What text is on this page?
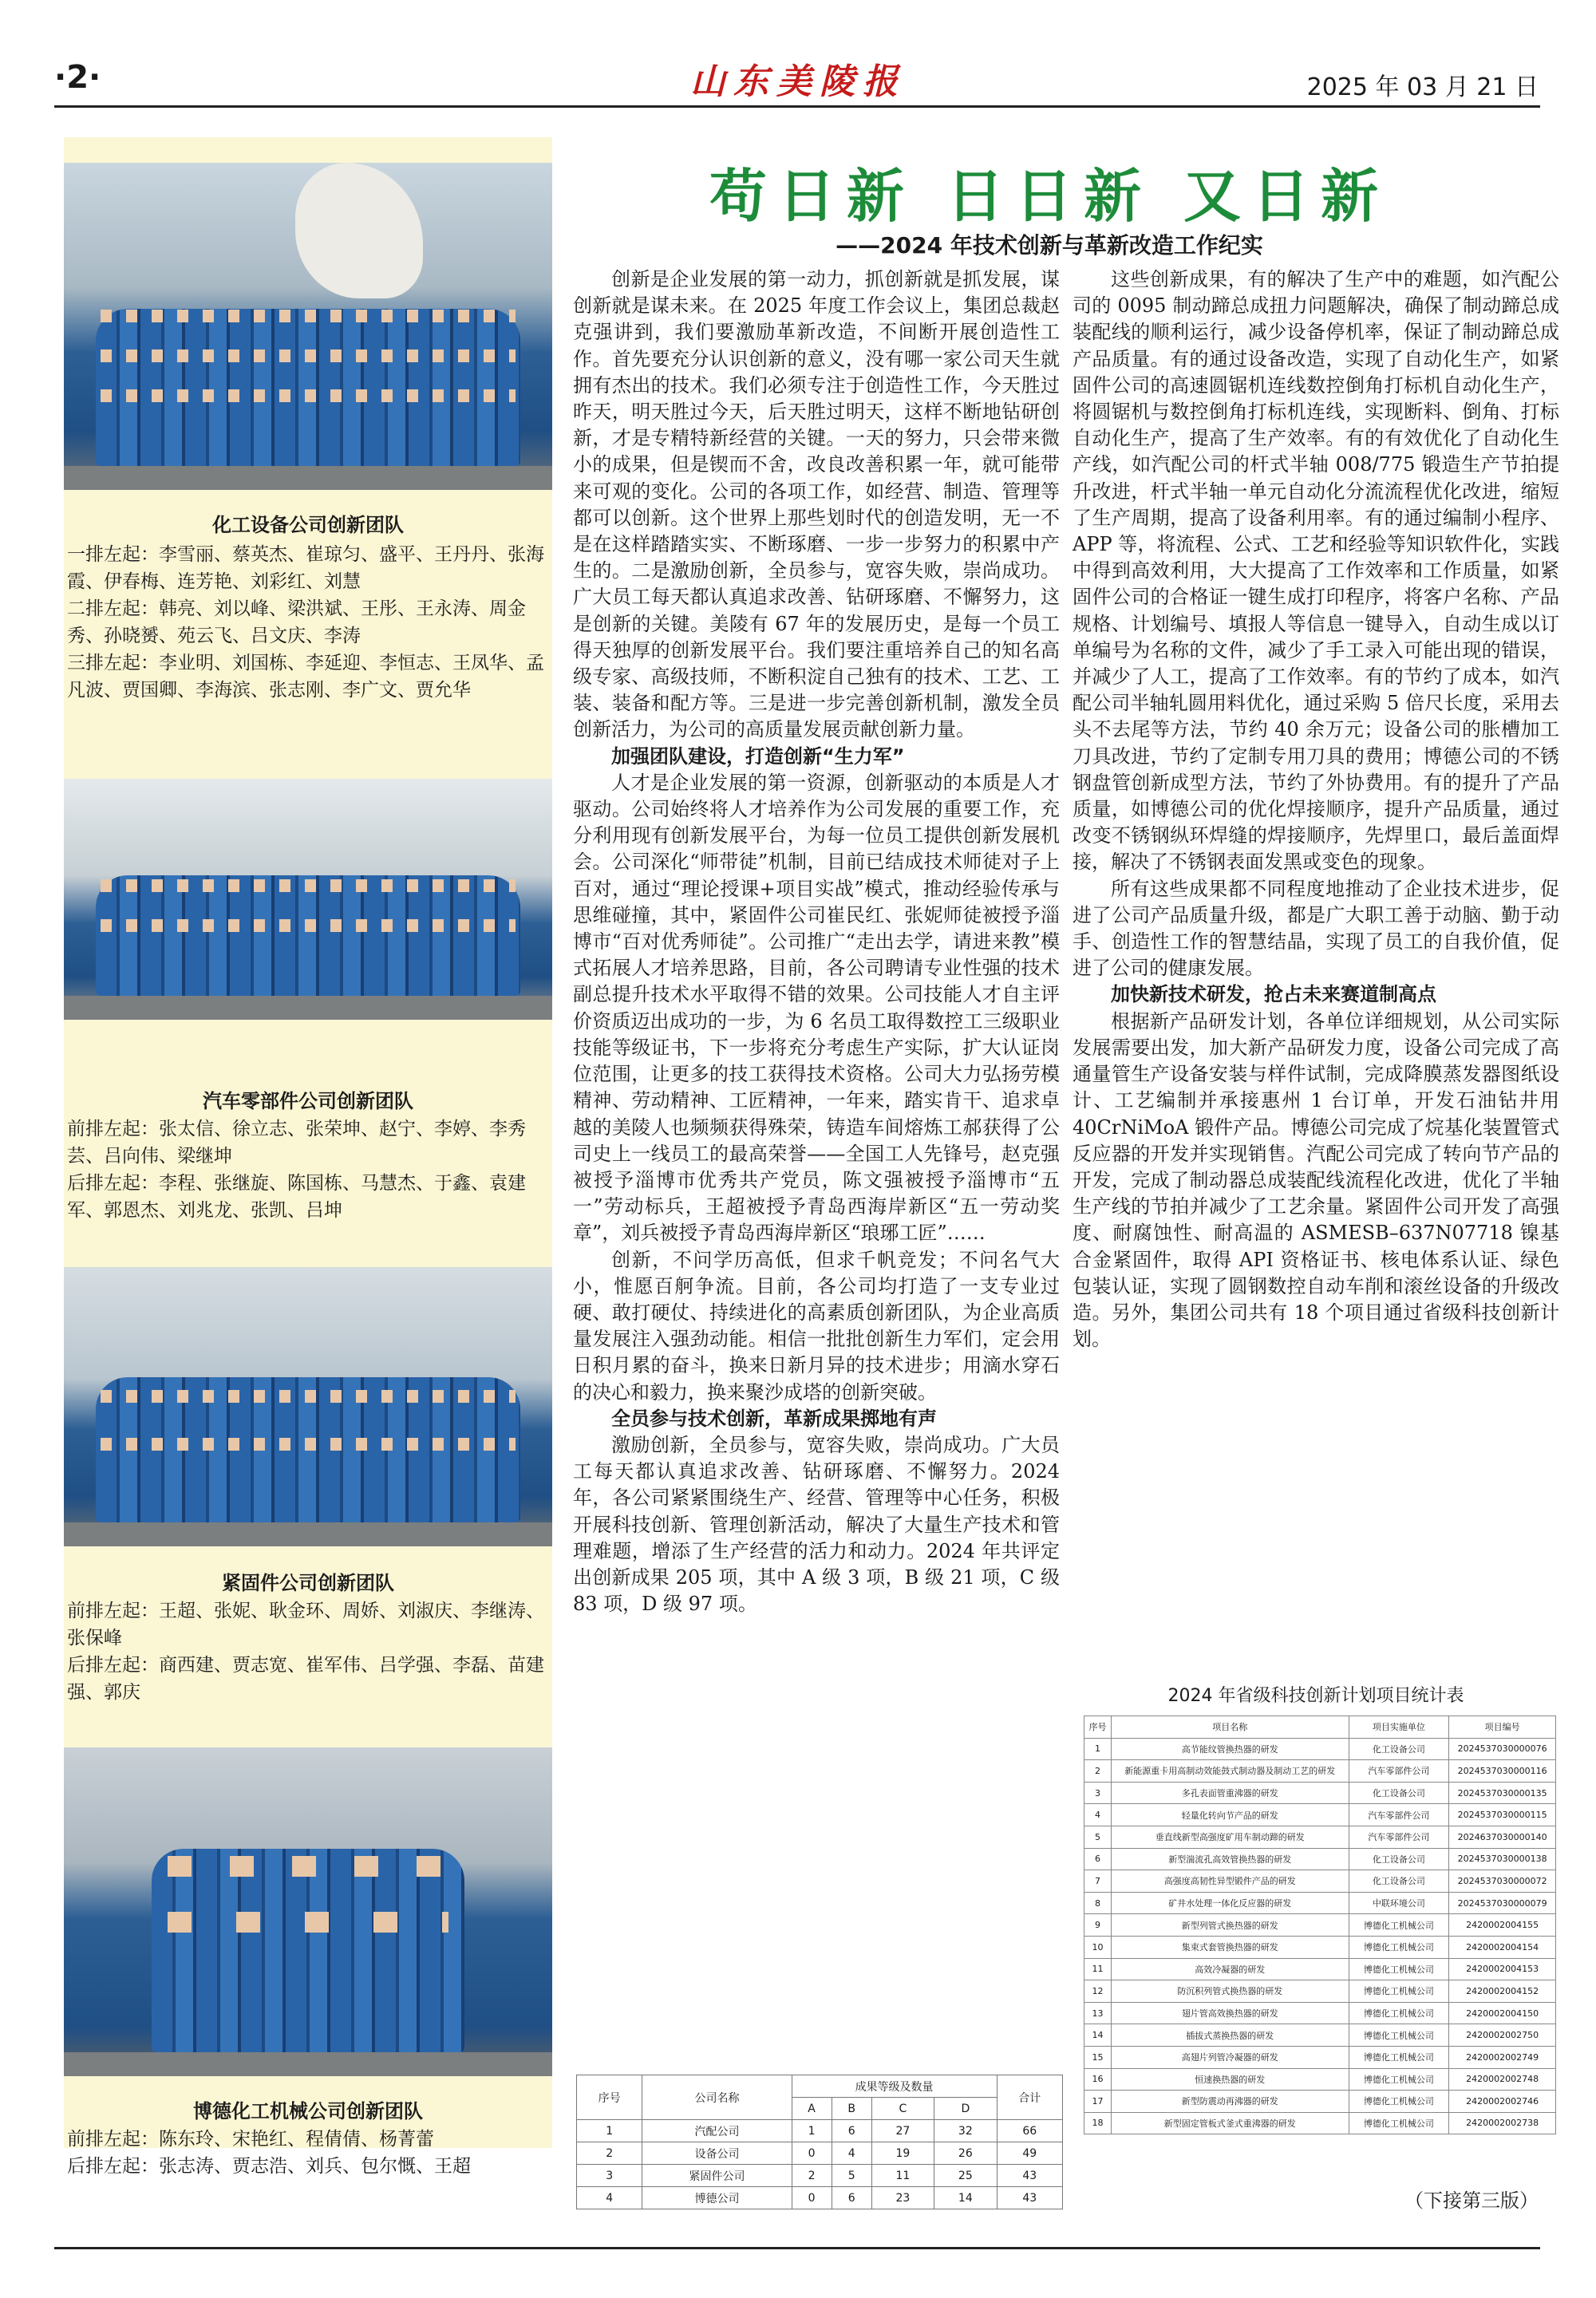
·2·	山东美陵报	2025 年 03 月 21 日
化工设备公司创新团队
一排左起：李雪丽、蔡英杰、崔琼匀、盛平、王丹丹、张海霞、伊春梅、连芳艳、刘彩红、刘慧
二排左起：韩亮、刘以峰、梁洪斌、王彤、王永涛、周金秀、孙晓赟、苑云飞、吕文庆、李涛
三排左起：李业明、刘国栋、李延迎、李恒志、王凤华、孟凡波、贾国卿、李海滨、张志刚、李广文、贾允华
汽车零部件公司创新团队
前排左起：张太信、徐立志、张荣坤、赵宁、李婷、李秀芸、吕向伟、梁继坤
后排左起：李程、张继旋、陈国栋、马慧杰、于鑫、袁建军、郭恩杰、刘兆龙、张凯、吕坤
紧固件公司创新团队
前排左起：王超、张妮、耿金环、周娇、刘淑庆、李继涛、张保峰
后排左起：商西建、贾志宽、崔军伟、吕学强、李磊、苗建强、郭庆
博德化工机械公司创新团队
前排左起：陈东玲、宋艳红、程倩倩、杨菁蕾
后排左起：张志涛、贾志浩、刘兵、包尔慨、王超
苟日新 日日新 又日新
——2024 年技术创新与革新改造工作纪实

创新是企业发展的第一动力，抓创新就是抓发展，谋创新就是谋未来。在 2025 年度工作会议上，集团总裁赵克强讲到，我们要激励革新改造，不间断开展创造性工作。首先要充分认识创新的意义，没有哪一家公司天生就拥有杰出的技术。我们必须专注于创造性工作，今天胜过昨天，明天胜过今天，后天胜过明天，这样不断地钻研创新，才是专精特新经营的关键。一天的努力，只会带来微小的成果，但是锲而不舍，改良改善积累一年，就可能带来可观的变化。公司的各项工作，如经营、制造、管理等都可以创新。这个世界上那些划时代的创造发明，无一不是在这样踏踏实实、不断琢磨、一步一步努力的积累中产生的。二是激励创新，全员参与，宽容失败，崇尚成功。广大员工每天都认真追求改善、钻研琢磨、不懈努力，这是创新的关键。美陵有 67 年的发展历史，是每一个员工得天独厚的创新发展平台。我们要注重培养自己的知名高级专家、高级技师，不断积淀自己独有的技术、工艺、工装、装备和配方等。三是进一步完善创新机制，激发全员创新活力，为公司的高质量发展贡献创新力量。

加强团队建设，打造创新“生力军”

人才是企业发展的第一资源，创新驱动的本质是人才驱动。公司始终将人才培养作为公司发展的重要工作，充分利用现有创新发展平台，为每一位员工提供创新发展机会。公司深化“师带徒”机制，目前已结成技术师徒对子上百对，通过“理论授课+项目实战”模式，推动经验传承与思维碰撞，其中，紧固件公司崔民红、张妮师徒被授予淄博市“百对优秀师徒”。公司推广“走出去学，请进来教”模式拓展人才培养思路，目前，各公司聘请专业性强的技术副总提升技术水平取得不错的效果。公司技能人才自主评价资质迈出成功的一步，为 6 名员工取得数控工三级职业技能等级证书，下一步将充分考虑生产实际，扩大认证岗位范围，让更多的技工获得技术资格。公司大力弘扬劳模精神、劳动精神、工匠精神，一年来，踏实肯干、追求卓越的美陵人也频频获得殊荣，铸造车间熔炼工郝获得了公司史上一线员工的最高荣誉——全国工人先锋号，赵克强被授予淄博市优秀共产党员，陈文强被授予淄博市“五一”劳动标兵，王超被授予青岛西海岸新区“五一劳动奖章”，刘兵被授予青岛西海岸新区“琅琊工匠”……

创新，不问学历高低，但求千帆竞发；不问名气大小，惟愿百舸争流。目前，各公司均打造了一支专业过硬、敢打硬仗、持续进化的高素质创新团队，为企业高质量发展注入强劲动能。相信一批批创新生力军们，定会用日积月累的奋斗，换来日新月异的技术进步；用滴水穿石的决心和毅力，换来聚沙成塔的创新突破。

全员参与技术创新，革新成果掷地有声

激励创新，全员参与，宽容失败，崇尚成功。广大员工每天都认真追求改善、钻研琢磨、不懈努力。2024 年，各公司紧紧围绕生产、经营、管理等中心任务，积极开展科技创新、管理创新活动，解决了大量生产技术和管理难题，增添了生产经营的活力和动力。2024 年共评定出创新成果 205 项，其中 A 级 3 项，B 级 21 项，C 级 83 项，D 级 97 项。

序号	公司名称	成果等级及数量				合计
		A	B	C	D	
1	汽配公司	1	6	27	32	66
2	设备公司	0	4	19	26	49
3	紧固件公司	2	5	11	25	43
4	博德公司	0	6	23	14	43

这些创新成果，有的解决了生产中的难题，如汽配公司的 0095 制动蹄总成扭力问题解决，确保了制动蹄总成装配线的顺利运行，减少设备停机率，保证了制动蹄总成产品质量。有的通过设备改造，实现了自动化生产，如紧固件公司的高速圆锯机连线数控倒角打标机自动化生产，将圆锯机与数控倒角打标机连线，实现断料、倒角、打标自动化生产，提高了生产效率。有的有效优化了自动化生产线，如汽配公司的杆式半轴 008/775 锻造生产节拍提升改进，杆式半轴一单元自动化分流流程优化改进，缩短了生产周期，提高了设备利用率。有的通过编制小程序、APP 等，将流程、公式、工艺和经验等知识软件化，实践中得到高效利用，大大提高了工作效率和工作质量，如紧固件公司的合格证一键生成打印程序，将客户名称、产品规格、计划编号、填报人等信息一键导入，自动生成以订单编号为名称的文件，减少了手工录入可能出现的错误，并减少了人工，提高了工作效率。有的节约了成本，如汽配公司半轴轧圆用料优化，通过采购 5 倍尺长度，采用去头不去尾等方法，节约 40 余万元；设备公司的胀槽加工刀具改进，节约了定制专用刀具的费用；博德公司的不锈钢盘管创新成型方法，节约了外协费用。有的提升了产品质量，如博德公司的优化焊接顺序，提升产品质量，通过改变不锈钢纵环焊缝的焊接顺序，先焊里口，最后盖面焊接，解决了不锈钢表面发黑或变色的现象。

所有这些成果都不同程度地推动了企业技术进步，促进了公司产品质量升级，都是广大职工善于动脑、勤于动手、创造性工作的智慧结晶，实现了员工的自我价值，促进了公司的健康发展。

加快新技术研发，抢占未来赛道制高点

根据新产品研发计划，各单位详细规划，从公司实际发展需要出发，加大新产品研发力度，设备公司完成了高通量管生产设备安装与样件试制，完成降膜蒸发器图纸设计、工艺编制并承接惠州 1 台订单，开发石油钻井用 40CrNiMoA 锻件产品。博德公司完成了烷基化装置管式反应器的开发并实现销售。汽配公司完成了转向节产品的开发，完成了制动器总成装配线流程化改进，优化了半轴生产线的节拍并减少了工艺余量。紧固件公司开发了高强度、耐腐蚀性、耐高温的 ASMESB–637N07718 镍基合金紧固件，取得 API 资格证书、核电体系认证、绿色包装认证，实现了圆钢数控自动车削和滚丝设备的升级改造。另外，集团公司共有 18 个项目通过省级科技创新计划。

2024 年省级科技创新计划项目统计表
序号	项目名称	项目实施单位	项目编号
1	高节能纹管换热器的研发	化工设备公司	2024537030000076
2	新能源重卡用高制动效能鼓式制动器及制动工艺的研发	汽车零部件公司	2024537030000116
3	多孔表面管重沸器的研发	化工设备公司	2024537030000135
4	轻量化转向节产品的研发	汽车零部件公司	2024537030000115
5	垂直线新型高强度矿用车制动蹄的研发	汽车零部件公司	2024637030000140
6	新型湍流孔高效管换热器的研发	化工设备公司	2024537030000138
7	高强度高韧性异型锻件产品的研发	化工设备公司	2024537030000072
8	矿井水处理一体化反应器的研发	中联环境公司	2024537030000079
9	新型列管式换热器的研发	博德化工机械公司	2420002004155
10	集束式套管换热器的研发	博德化工机械公司	2420002004154
11	高效冷凝器的研发	博德化工机械公司	2420002004153
12	防沉积列管式换热器的研发	博德化工机械公司	2420002004152
13	翅片管高效换热器的研发	博德化工机械公司	2420002004150
14	插拔式蒸换热器的研发	博德化工机械公司	2420002002750
15	高翅片列管冷凝器的研发	博德化工机械公司	2420002002749
16	恒速换热器的研发	博德化工机械公司	2420002002748
17	新型防震动再沸器的研发	博德化工机械公司	2420002002746
18	新型固定管板式釜式重沸器的研发	博德化工机械公司	2420002002738
（下接第三版）
